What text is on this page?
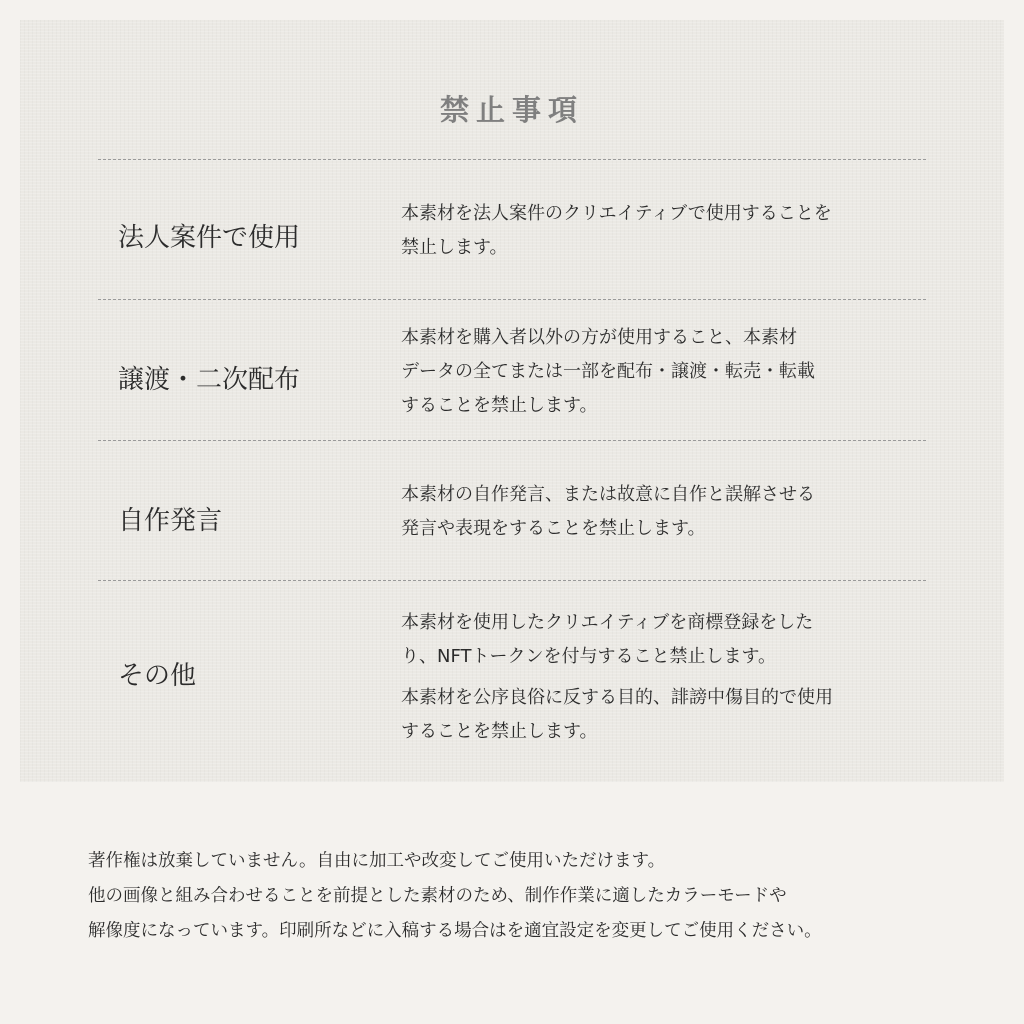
禁止事項
法人案件で使用

本素材を法人案件のクリエイティブで使用することを

禁止します。

譲渡・二次配布

本素材を購入者以外の方が使用すること、本素材

データの全てまたは一部を配布・譲渡・転売・転載

することを禁止します。

自作発言

本素材の自作発言、または故意に自作と誤解させる

発言や表現をすることを禁止します。

その他

本素材を使用したクリエイティブを商標登録をした

り、NFTトークンを付与すること禁止します。

本素材を公序良俗に反する目的、誹謗中傷目的で使用

することを禁止します。

著作権は放棄していません。自由に加工や改変してご使用いただけます。

他の画像と組み合わせることを前提とした素材のため、制作作業に適したカラーモードや

解像度になっています。印刷所などに入稿する場合はを適宜設定を変更してご使用ください。
